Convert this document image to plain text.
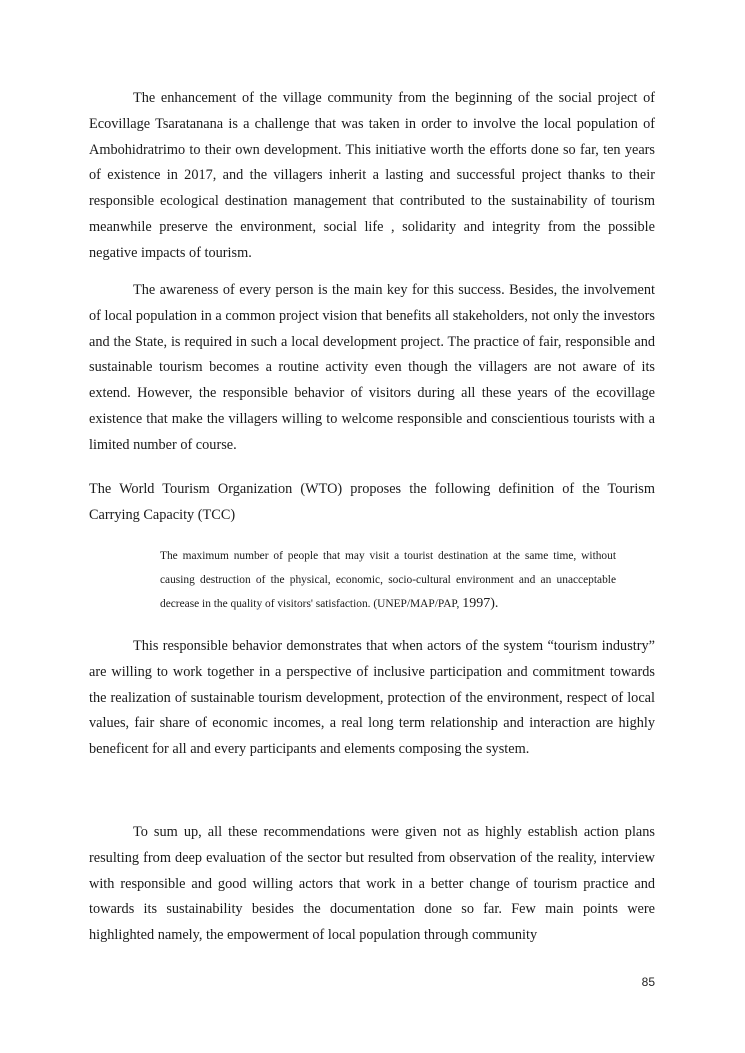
The enhancement of the village community from the beginning of the social project of Ecovillage Tsaratanana is a challenge that was taken in order to involve the local population of Ambohidratrimo to their own development. This initiative worth the efforts done so far, ten years of existence in 2017, and the villagers inherit a lasting and successful project thanks to their responsible ecological destination management that contributed to the sustainability of tourism meanwhile preserve the environment, social life , solidarity and integrity from the possible negative impacts of tourism.

The awareness of every person is the main key for this success. Besides, the involvement of local population in a common project vision that benefits all stakeholders, not only the investors and the State, is required in such a local development project. The practice of fair, responsible and sustainable tourism becomes a routine activity even though the villagers are not aware of its extend. However, the responsible behavior of visitors during all these years of the ecovillage existence that make the villagers willing to welcome responsible and conscientious tourists with a limited number of course.

The World Tourism Organization (WTO) proposes the following definition of the Tourism Carrying Capacity (TCC)

The maximum number of people that may visit a tourist destination at the same time, without causing destruction of the physical, economic, socio-cultural environment and an unacceptable decrease in the quality of visitors' satisfaction. (UNEP/MAP/PAP, 1997).

This responsible behavior demonstrates that when actors of the system “tourism industry” are willing to work together in a perspective of inclusive participation and commitment towards the realization of sustainable tourism development, protection of the environment, respect of local values, fair share of economic incomes, a real long term relationship and interaction are highly beneficent for all and every participants and elements composing the system.

To sum up, all these recommendations were given not as highly establish action plans resulting from deep evaluation of the sector but resulted from observation of the reality, interview with responsible and good willing actors that work in a better change of tourism practice and towards its sustainability besides the documentation done so far. Few main points were highlighted namely, the empowerment of local population through community

85
